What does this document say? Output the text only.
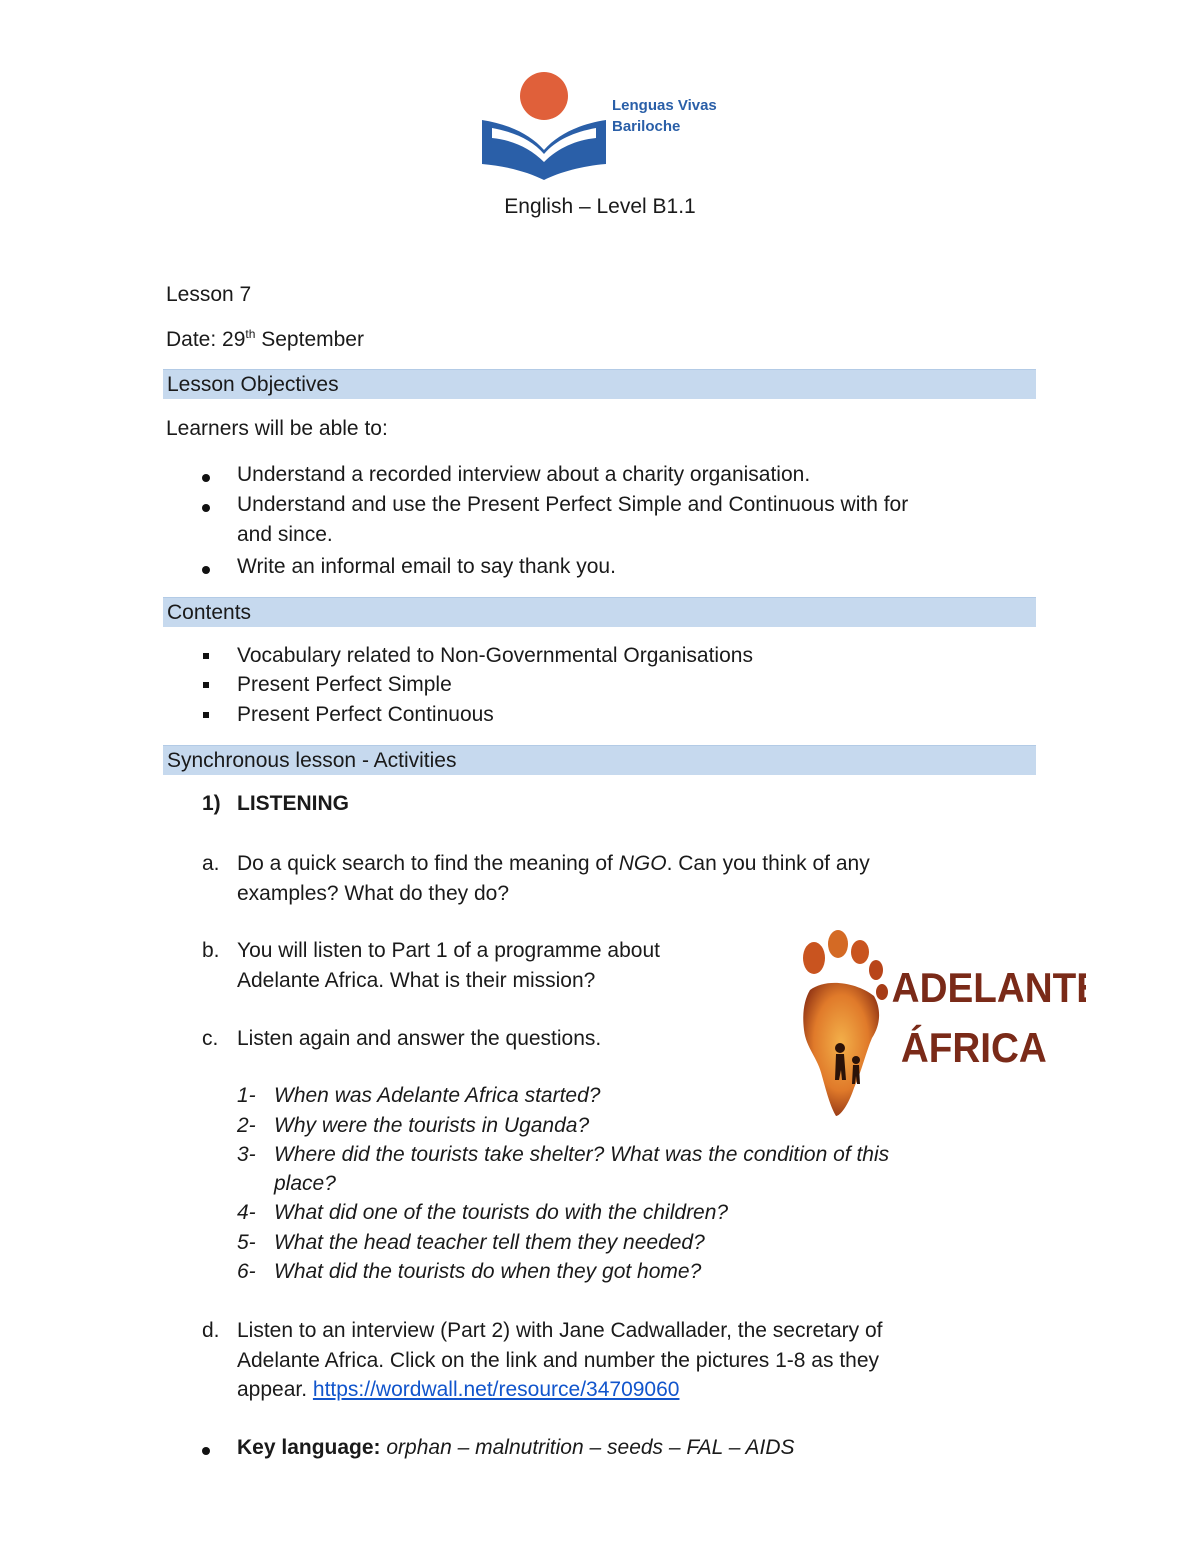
Lenguas Vivas
Bariloche
English – Level B1.1
Lesson 7
Date: 29th September
Lesson Objectives
Learners will be able to:
Understand a recorded interview about a charity organisation.
Understand and use the Present Perfect Simple and Continuous with for
and since.
Write an informal email to say thank you.
Contents
Vocabulary related to Non-Governmental Organisations
Present Perfect Simple
Present Perfect Continuous
Synchronous lesson - Activities
1) LISTENING
a. Do a quick search to find the meaning of NGO. Can you think of any
examples? What do they do?
b. You will listen to Part 1 of a programme about
Adelante Africa. What is their mission?
c. Listen again and answer the questions.
1- When was Adelante Africa started?
2- Why were the tourists in Uganda?
3- Where did the tourists take shelter? What was the condition of this
place?
4- What did one of the tourists do with the children?
5- What the head teacher tell them they needed?
6- What did the tourists do when they got home?
d. Listen to an interview (Part 2) with Jane Cadwallader, the secretary of
Adelante Africa. Click on the link and number the pictures 1-8 as they
appear. https://wordwall.net/resource/34709060
Key language: orphan – malnutrition – seeds – FAL – AIDS
ADELANTE
ÁFRICA
